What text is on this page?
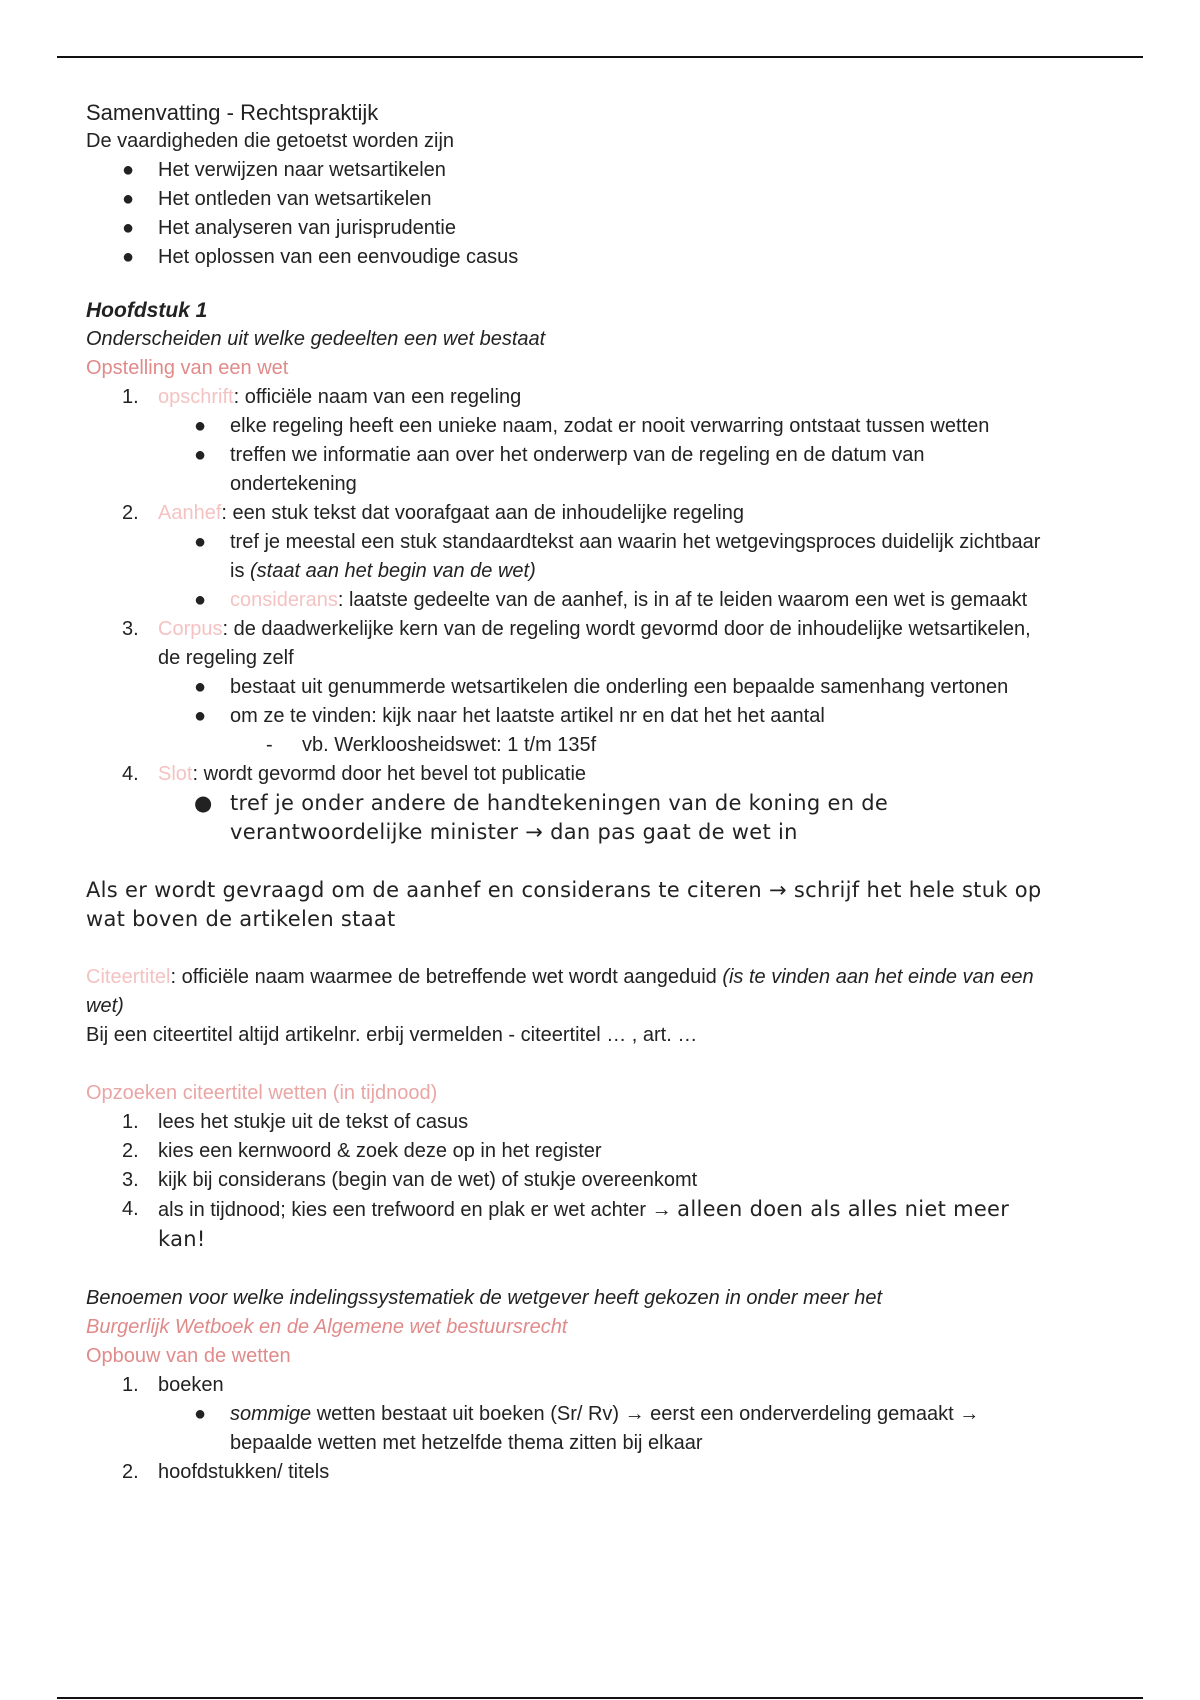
Samenvatting - Rechtspraktijk

De vaardigheden die getoetst worden zijn

● Het verwijzen naar wetsartikelen
● Het ontleden van wetsartikelen
● Het analyseren van jurisprudentie
● Het oplossen van een eenvoudige casus

Hoofdstuk 1

Onderscheiden uit welke gedeelten een wet bestaat

Opstelling van een wet

1. opschrift: officiële naam van een regeling
● elke regeling heeft een unieke naam, zodat er nooit verwarring ontstaat tussen wetten
● treffen we informatie aan over het onderwerp van de regeling en de datum van ondertekening
2. Aanhef: een stuk tekst dat voorafgaat aan de inhoudelijke regeling
● tref je meestal een stuk standaardtekst aan waarin het wetgevingsproces duidelijk zichtbaar is (staat aan het begin van de wet)
● considerans: laatste gedeelte van de aanhef, is in af te leiden waarom een wet is gemaakt
3. Corpus: de daadwerkelijke kern van de regeling wordt gevormd door de inhoudelijke wetsartikelen, de regeling zelf
● bestaat uit genummerde wetsartikelen die onderling een bepaalde samenhang vertonen
● om ze te vinden: kijk naar het laatste artikel nr en dat het het aantal
- vb. Werkloosheidswet: 1 t/m 135f
4. Slot: wordt gevormd door het bevel tot publicatie
● tref je onder andere de handtekeningen van de koning en de verantwoordelijke minister → dan pas gaat de wet in

Als er wordt gevraagd om de aanhef en considerans te citeren → schrijf het hele stuk op wat boven de artikelen staat

Citeertitel: officiële naam waarmee de betreffende wet wordt aangeduid (is te vinden aan het einde van een wet)

Bij een citeertitel altijd artikelnr. erbij vermelden - citeertitel … , art. …

Opzoeken citeertitel wetten (in tijdnood)

1. lees het stukje uit de tekst of casus
2. kies een kernwoord & zoek deze op in het register
3. kijk bij considerans (begin van de wet) of stukje overeenkomt
4. als in tijdnood; kies een trefwoord en plak er wet achter → alleen doen als alles niet meer kan!

Benoemen voor welke indelingssystematiek de wetgever heeft gekozen in onder meer het

Burgerlijk Wetboek en de Algemene wet bestuursrecht

Opbouw van de wetten

1. boeken
● sommige wetten bestaat uit boeken (Sr/ Rv) → eerst een onderverdeling gemaakt → bepaalde wetten met hetzelfde thema zitten bij elkaar
2. hoofdstukken/ titels
